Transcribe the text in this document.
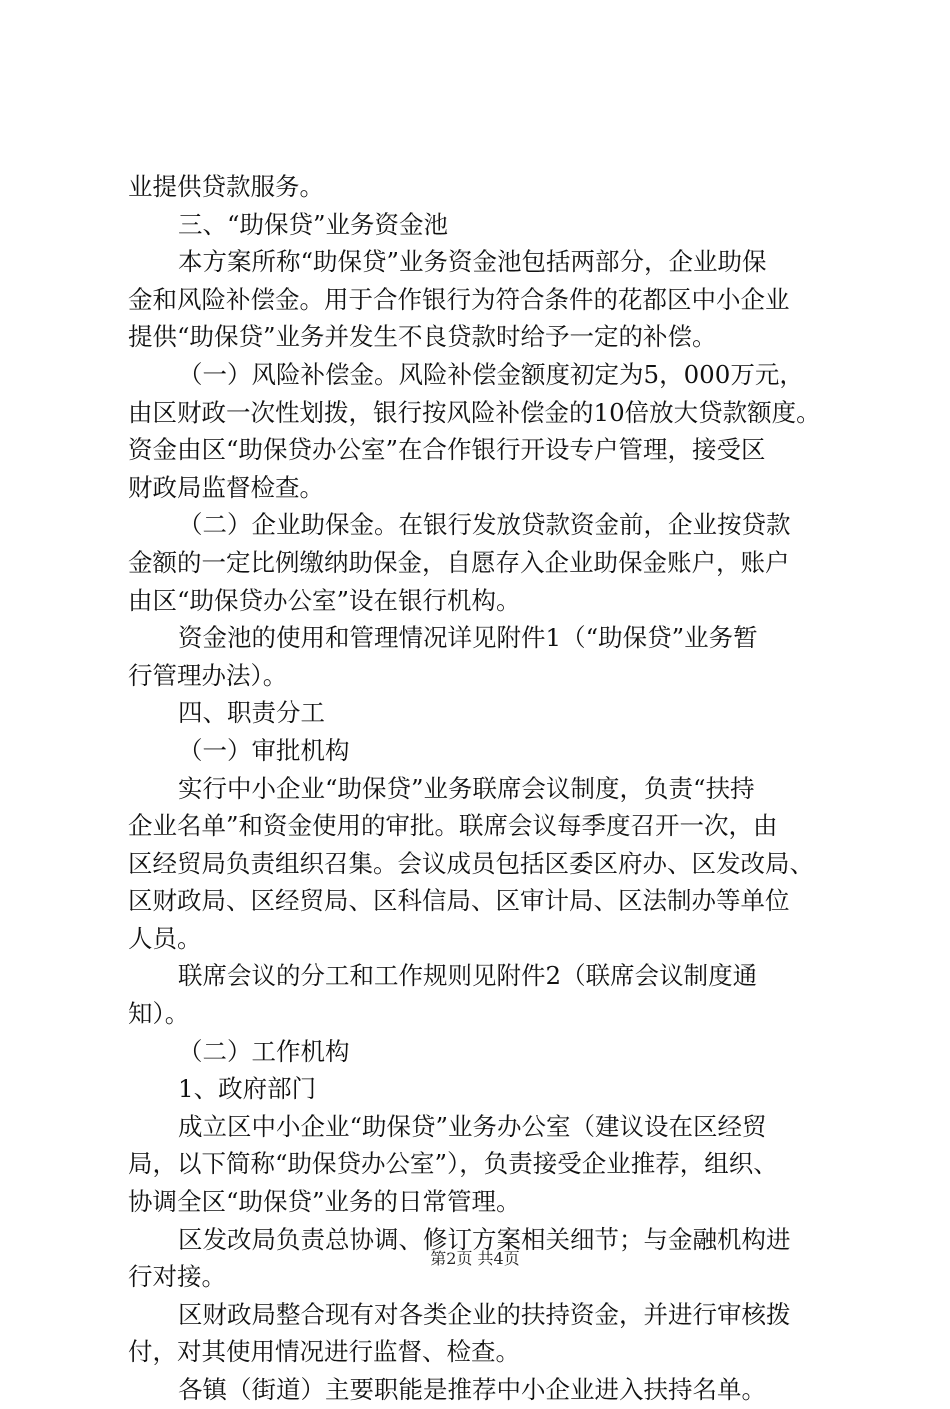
业提供贷款服务。

三、“助保贷”业务资金池

本方案所称“助保贷”业务资金池包括两部分，企业助保

金和风险补偿金。用于合作银行为符合条件的花都区中小企业

提供“助保贷”业务并发生不良贷款时给予一定的补偿。

（一）风险补偿金。风险补偿金额度初定为5，000万元，

由区财政一次性划拨，银行按风险补偿金的10倍放大贷款额度。

资金由区“助保贷办公室”在合作银行开设专户管理，接受区

财政局监督检查。

（二）企业助保金。在银行发放贷款资金前，企业按贷款

金额的一定比例缴纳助保金，自愿存入企业助保金账户，账户

由区“助保贷办公室”设在银行机构。

资金池的使用和管理情况详见附件1（“助保贷”业务暂

行管理办法）。

四、职责分工

（一）审批机构

实行中小企业“助保贷”业务联席会议制度，负责“扶持

企业名单”和资金使用的审批。联席会议每季度召开一次，由

区经贸局负责组织召集。会议成员包括区委区府办、区发改局、

区财政局、区经贸局、区科信局、区审计局、区法制办等单位

人员。

联席会议的分工和工作规则见附件2（联席会议制度通

知）。

（二）工作机构

1、政府部门

成立区中小企业“助保贷”业务办公室（建议设在区经贸

局，以下简称“助保贷办公室”），负责接受企业推荐，组织、

协调全区“助保贷”业务的日常管理。

区发改局负责总协调、修订方案相关细节；与金融机构进

行对接。

区财政局整合现有对各类企业的扶持资金，并进行审核拨

付，对其使用情况进行监督、检查。

各镇（街道）主要职能是推荐中小企业进入扶持名单。

第2页 共4页
